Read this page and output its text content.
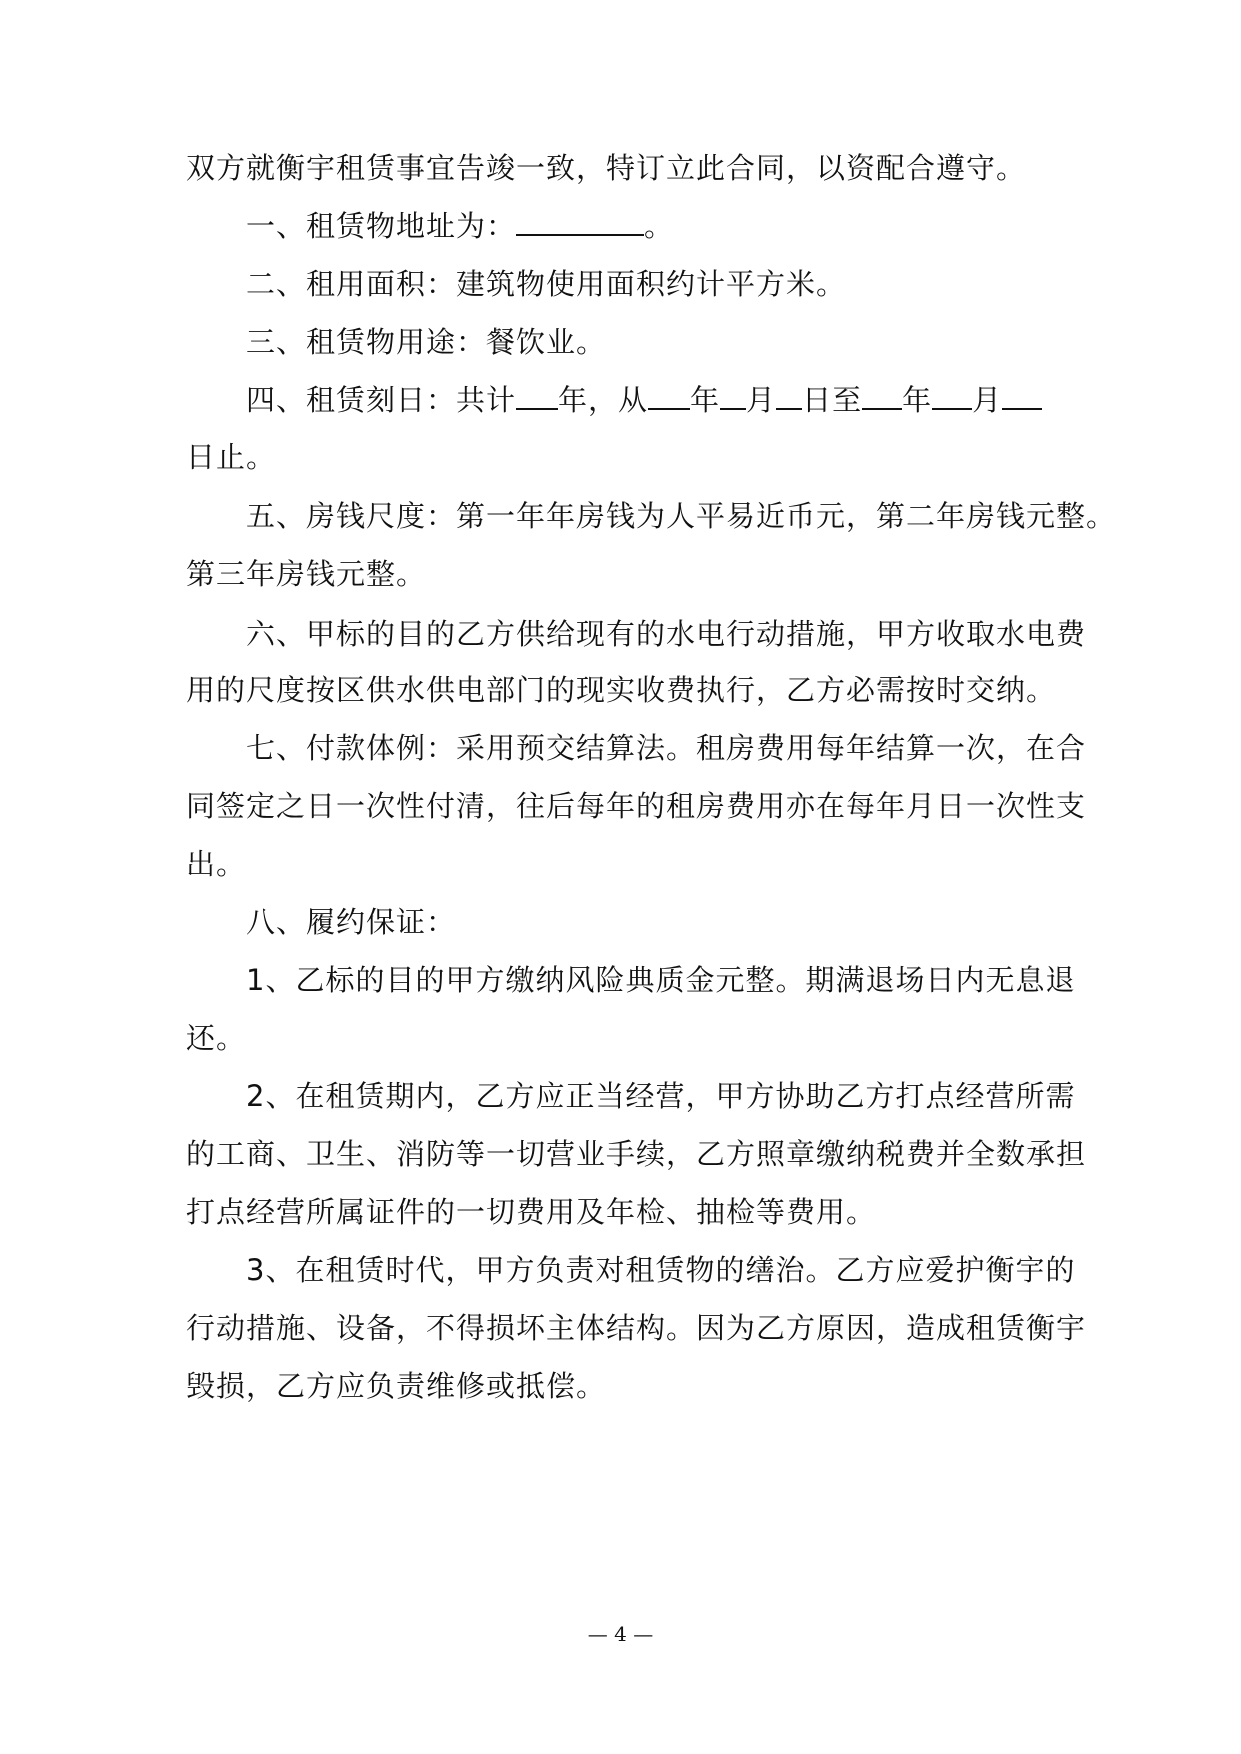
双方就衡宇租赁事宜告竣一致，特订立此合同，以资配合遵守。
一、租赁物地址为：	。
二、租用面积：建筑物使用面积约计平方米。
三、租赁物用途：餐饮业。
四、租赁刻日：共计 年，从 年 月 日至 年 月
日止。
五、房钱尺度：第一年年房钱为人平易近币元，第二年房钱元整。
第三年房钱元整。
六、甲标的目的乙方供给现有的水电行动措施，甲方收取水电费
用的尺度按区供水供电部门的现实收费执行，乙方必需按时交纳。
七、付款体例：采用预交结算法。租房费用每年结算一次，在合
同签定之日一次性付清，往后每年的租房费用亦在每年月日一次性支
出。
八、履约保证：
1、乙标的目的甲方缴纳风险典质金元整。期满退场日内无息退
还。
2、在租赁期内，乙方应正当经营，甲方协助乙方打点经营所需
的工商、卫生、消防等一切营业手续，乙方照章缴纳税费并全数承担
打点经营所属证件的一切费用及年检、抽检等费用。
3、在租赁时代，甲方负责对租赁物的缮治。乙方应爱护衡宇的
行动措施、设备，不得损坏主体结构。因为乙方原因，造成租赁衡宇
毁损，乙方应负责维修或抵偿。
— 4 —
